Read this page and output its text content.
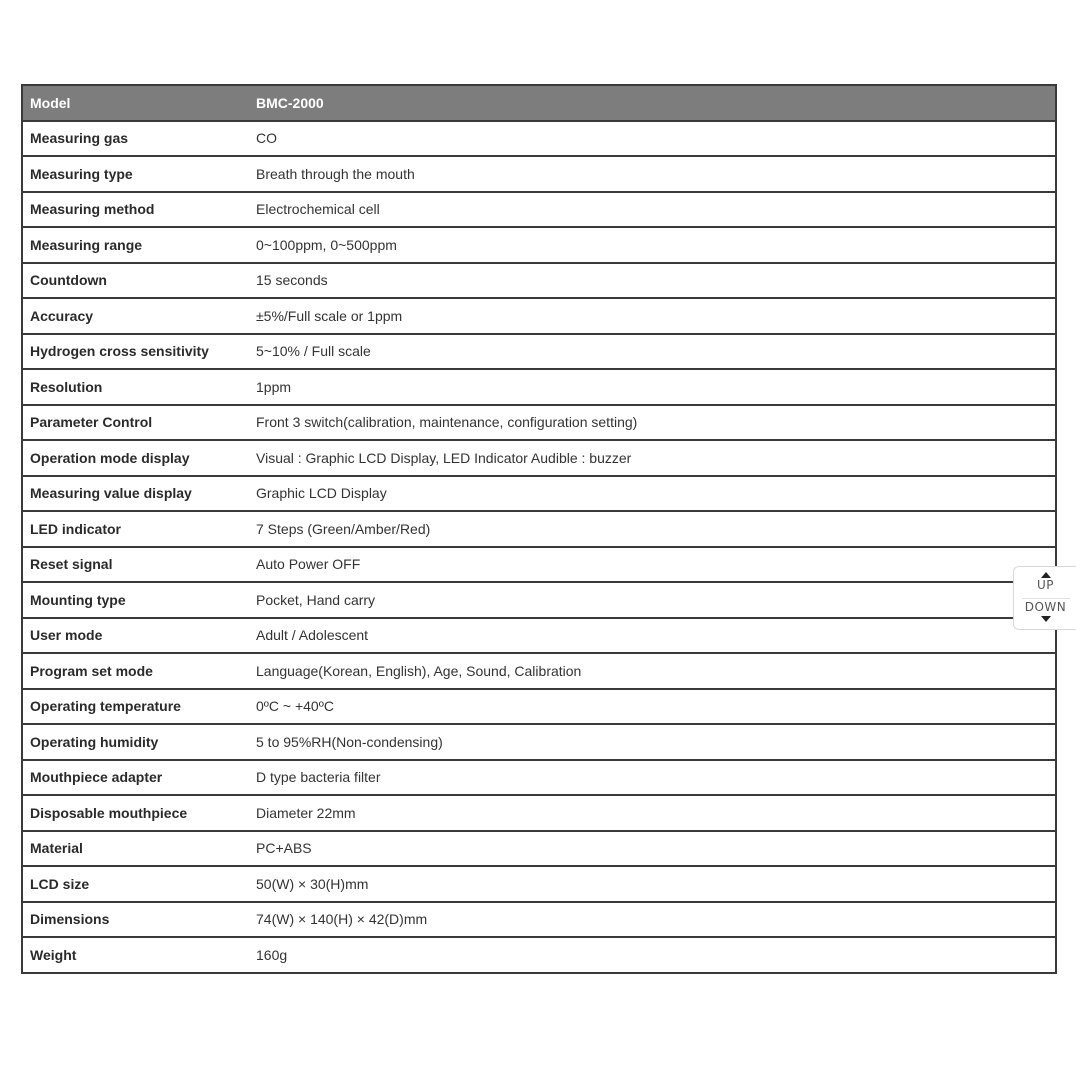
Model	BMC-2000
Measuring gas	CO
Measuring type	Breath through the mouth
Measuring method	Electrochemical cell
Measuring range	0~100ppm, 0~500ppm
Countdown	15 seconds
Accuracy	±5%/Full scale or 1ppm
Hydrogen cross sensitivity	5~10% / Full scale
Resolution	1ppm
Parameter Control	Front 3 switch(calibration, maintenance, configuration setting)
Operation mode display	Visual : Graphic LCD Display, LED Indicator Audible : buzzer
Measuring value display	Graphic LCD Display
LED indicator	7 Steps (Green/Amber/Red)
Reset signal	Auto Power OFF
Mounting type	Pocket, Hand carry
User mode	Adult / Adolescent
Program set mode	Language(Korean, English), Age, Sound, Calibration
Operating temperature	0ºC ~ +40ºC
Operating humidity	5 to 95%RH(Non-condensing)
Mouthpiece adapter	D type bacteria filter
Disposable mouthpiece	Diameter 22mm
Material	PC+ABS
LCD size	50(W) × 30(H)mm
Dimensions	74(W) × 140(H) × 42(D)mm
Weight	160g
UP
DOWN
